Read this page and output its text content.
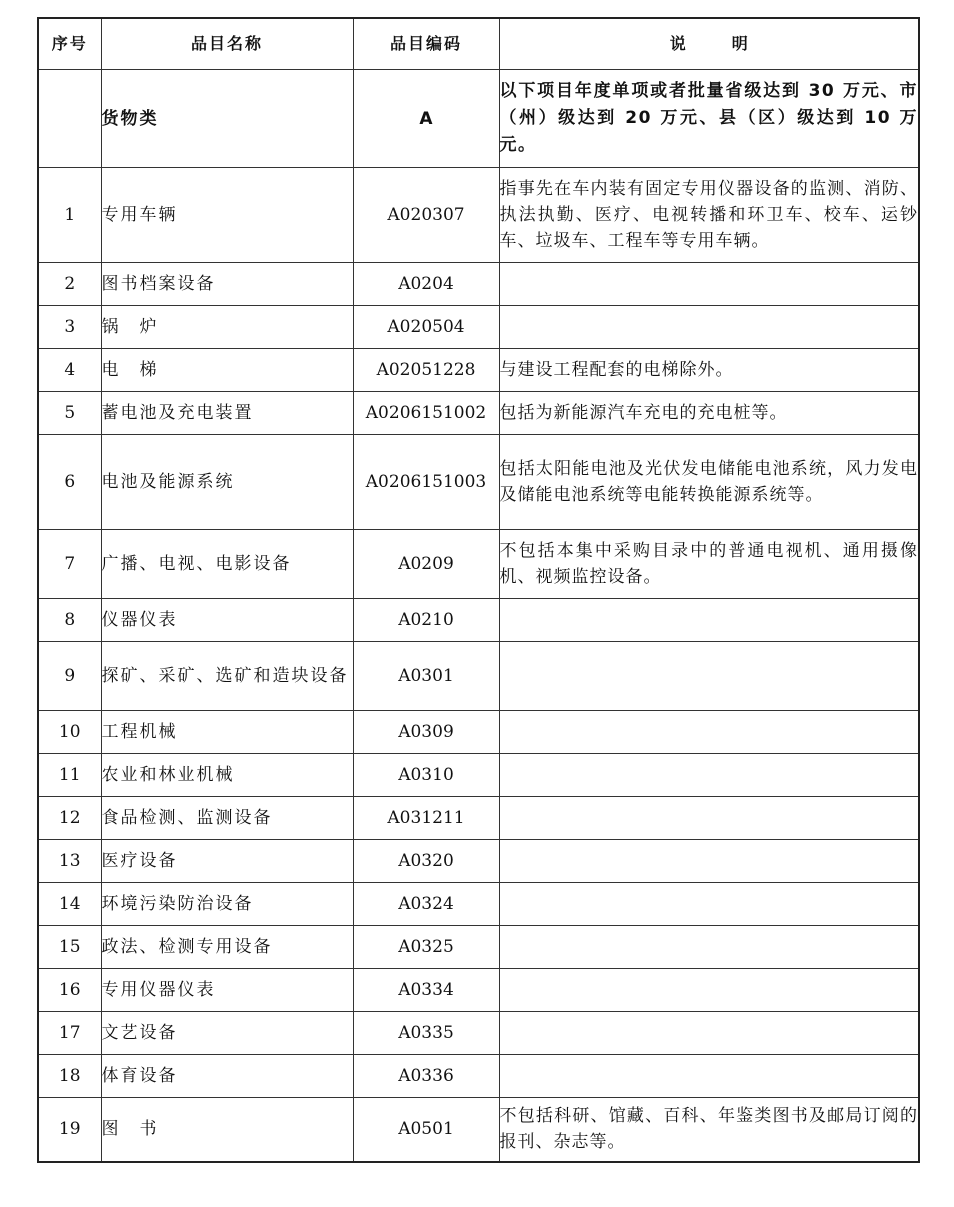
序号	品目名称	品目编码	说明
	货物类	A	以下项目年度单项或者批量省级达到 30 万元、市（州）级达到 20 万元、县（区）级达到 10 万元。
1	专用车辆	A020307	指事先在车内装有固定专用仪器设备的监测、消防、执法执勤、医疗、电视转播和环卫车、校车、运钞车、垃圾车、工程车等专用车辆。
2	图书档案设备	A0204	
3	锅　炉	A020504	
4	电　梯	A02051228	与建设工程配套的电梯除外。
5	蓄电池及充电装置	A0206151002	包括为新能源汽车充电的充电桩等。
6	电池及能源系统	A0206151003	包括太阳能电池及光伏发电储能电池系统，风力发电及储能电池系统等电能转换能源系统等。
7	广播、电视、电影设备	A0209	不包括本集中采购目录中的普通电视机、通用摄像机、视频监控设备。
8	仪器仪表	A0210	
9	探矿、采矿、选矿和造块设备	A0301	
10	工程机械	A0309	
11	农业和林业机械	A0310	
12	食品检测、监测设备	A031211	
13	医疗设备	A0320	
14	环境污染防治设备	A0324	
15	政法、检测专用设备	A0325	
16	专用仪器仪表	A0334	
17	文艺设备	A0335	
18	体育设备	A0336	
19	图　书	A0501	不包括科研、馆藏、百科、年鉴类图书及邮局订阅的报刊、杂志等。
